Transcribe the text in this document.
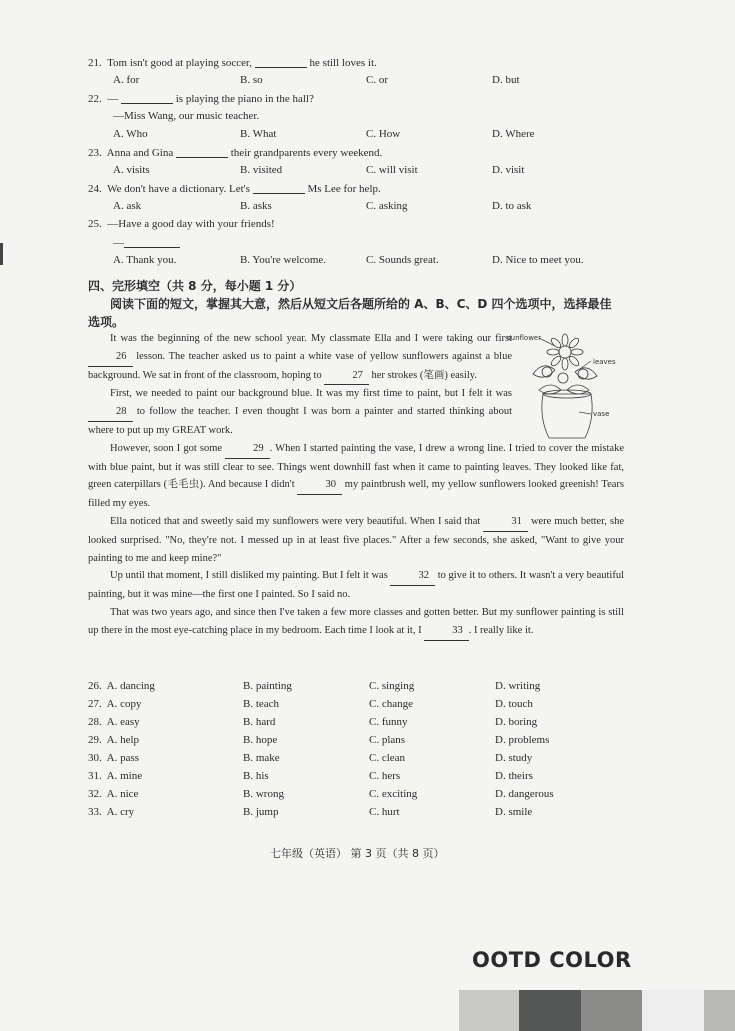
21. Tom isn't good at playing soccer,	he still loves it.
A. for	B. so	C. or	D. but
22. —	is playing the piano in the hall?
—Miss Wang, our music teacher.
A. Who	B. What	C. How	D. Where
23. Anna and Gina	their grandparents every weekend.
A. visits	B. visited	C. will visit	D. visit
24. We don't have a dictionary. Let's	Ms Lee for help.
A. ask	B. asks	C. asking	D. to ask
25. —Have a good day with your friends!
—
A. Thank you.	B. You're welcome.	C. Sounds great.	D. Nice to meet you.
四、完形填空（共 8 分，每小题 1 分）
阅读下面的短文，掌握其大意，然后从短文后各题所给的 A、B、C、D 四个选项中，选择最佳选项。
sunflower
leaves
vase

It was the beginning of the new school year. My classmate Ella and I were taking our first 26 lesson. The teacher asked us to paint a white vase of yellow sunflowers against a blue background. We sat in front of the classroom, hoping to	27 her strokes (笔画) easily.

First, we needed to paint our background blue. It was my first time to paint, but I felt it was 28 to follow the teacher. I even thought I was born a painter and started thinking about where to put up my GREAT work.

However, soon I got some	29 . When I started painting the vase, I drew a wrong line. I tried to cover the mistake with blue paint, but it was still clear to see. Things went downhill fast when it came to painting leaves. They looked like fat, green caterpillars (毛毛虫). And because I didn't	30 my paintbrush well, my yellow sunflowers looked greenish! Tears filled my eyes.

Ella noticed that and sweetly said my sunflowers were very beautiful. When I said that	31 were much better, she looked surprised. "No, they're not. I messed up in at least five places." After a few seconds, she asked, "Want to give your painting to me and keep mine?"

Up until that moment, I still disliked my painting. But I felt it was	32 to give it to others. It wasn't a very beautiful painting, but it was mine—the first one I painted. So I said no.

That was two years ago, and since then I've taken a few more classes and gotten better. But my sunflower painting is still up there in the most eye-catching place in my bedroom. Each time I look at it, I	33 . I really like it.

26. A. dancing	B. painting	C. singing	D. writing
27. A. copy	B. teach	C. change	D. touch
28. A. easy	B. hard	C. funny	D. boring
29. A. help	B. hope	C. plans	D. problems
30. A. pass	B. make	C. clean	D. study
31. A. mine	B. his	C. hers	D. theirs
32. A. nice	B. wrong	C. exciting	D. dangerous
33. A. cry	B. jump	C. hurt	D. smile
七年级（英语） 第 3 页（共 8 页）
OOTD COLOR
